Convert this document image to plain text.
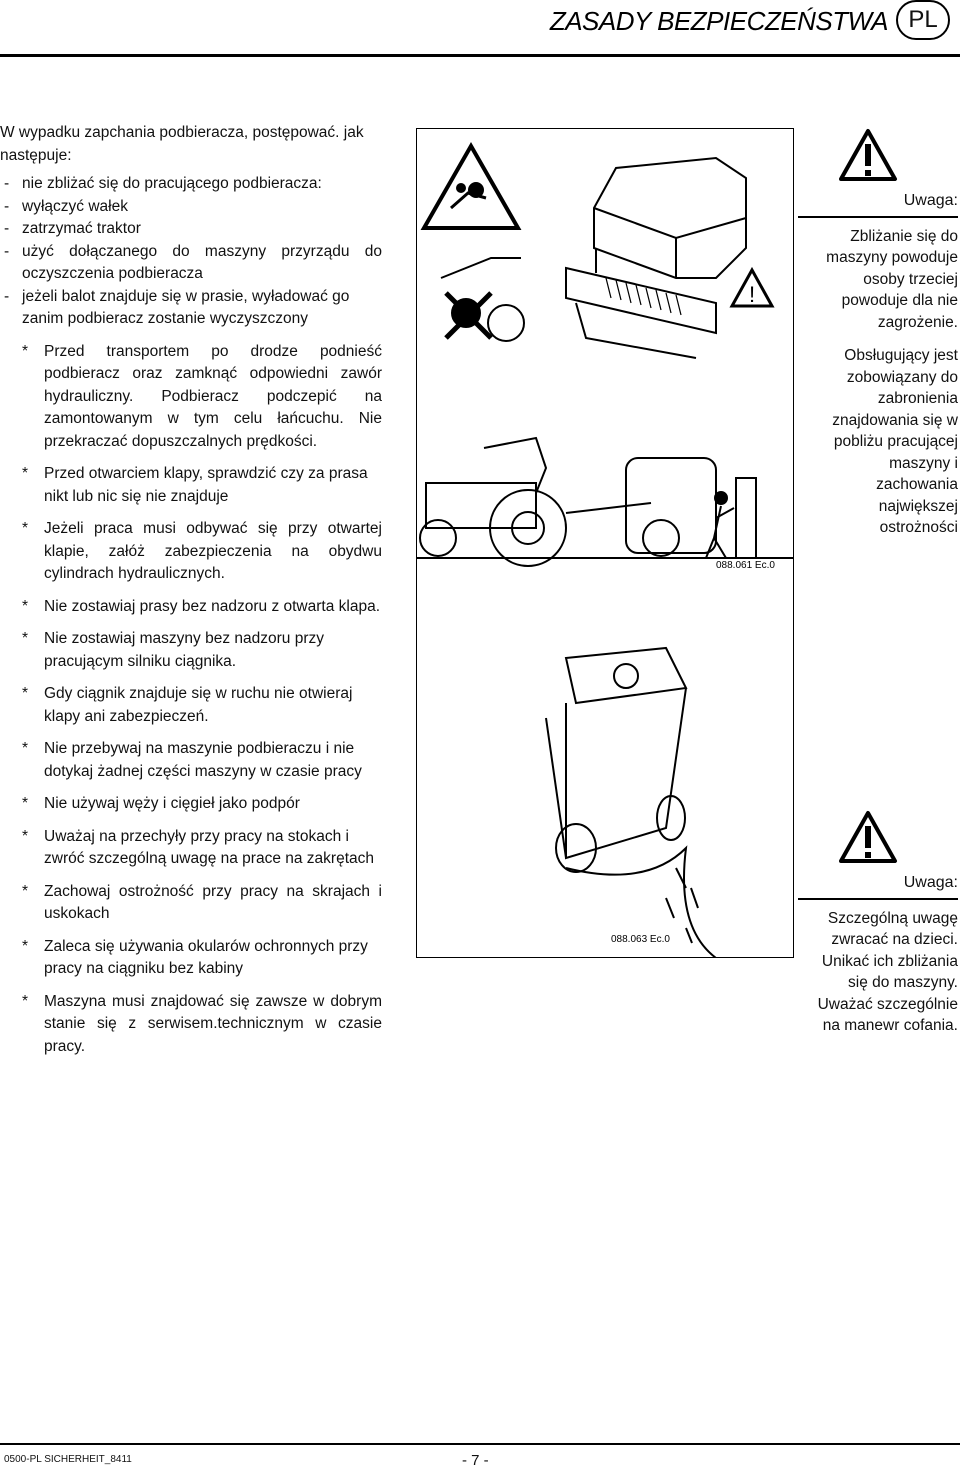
ZASADY BEZPIECZEŃSTWA PL

W wypadku zapchania podbieracza, postępować. jak następuje:

- nie zbliżać się do pracującego podbieracza:
- wyłączyć wałek
- zatrzymać traktor
- użyć dołączanego do maszyny przyrządu do oczyszczenia podbieracza
- jeżeli balot znajduje się w prasie, wyładować go zanim podbieracz zostanie wyczyszczony
* Przed transportem po drodze podnieść podbieracz oraz zamknąć odpowiedni zawór hydrauliczny. Podbieracz podczepić na zamontowanym w tym celu łańcuchu. Nie przekraczać dopuszczalnych prędkości.
* Przed otwarciem klapy, sprawdzić czy za prasa nikt lub nic się nie znajduje
* Jeżeli praca musi odbywać się przy otwartej klapie, załóż zabezpieczenia na obydwu cylindrach hydraulicznych.
* Nie zostawiaj prasy bez nadzoru z otwarta klapa.
* Nie zostawiaj maszyny bez nadzoru przy pracującym silniku ciągnika.
* Gdy ciągnik znajduje się w ruchu nie otwieraj klapy ani zabezpieczeń.
* Nie przebywaj na maszynie podbieraczu i nie dotykaj żadnej części maszyny w czasie pracy
* Nie używaj węży i cięgieł jako podpór
* Uważaj na przechyły przy pracy na stokach i zwróć szczególną uwagę na prace na zakrętach
* Zachowaj ostrożność przy pracy na skrajach i uskokach
* Zaleca się używania okularów ochronnych przy pracy na ciągniku bez kabiny
* Maszyna musi znajdować się zawsze w dobrym stanie się z serwisem.technicznym w czasie pracy.
!
088.061 Ec.0
088.063 Ec.0
Uwaga:

Zbliżanie się do maszyny powoduje osoby trzeciej powoduje dla nie zagrożenie.

Obsługujący jest zobowiązany do zabronienia znajdowania się w pobliżu pracującej maszyny i zachowania największej ostrożności

Uwaga:

Szczególną uwagę zwracać na dzieci. Unikać ich zbliżania się do maszyny. Uważać szczególnie na manewr cofania.

0500-PL SICHERHEIT_8411	- 7 -
